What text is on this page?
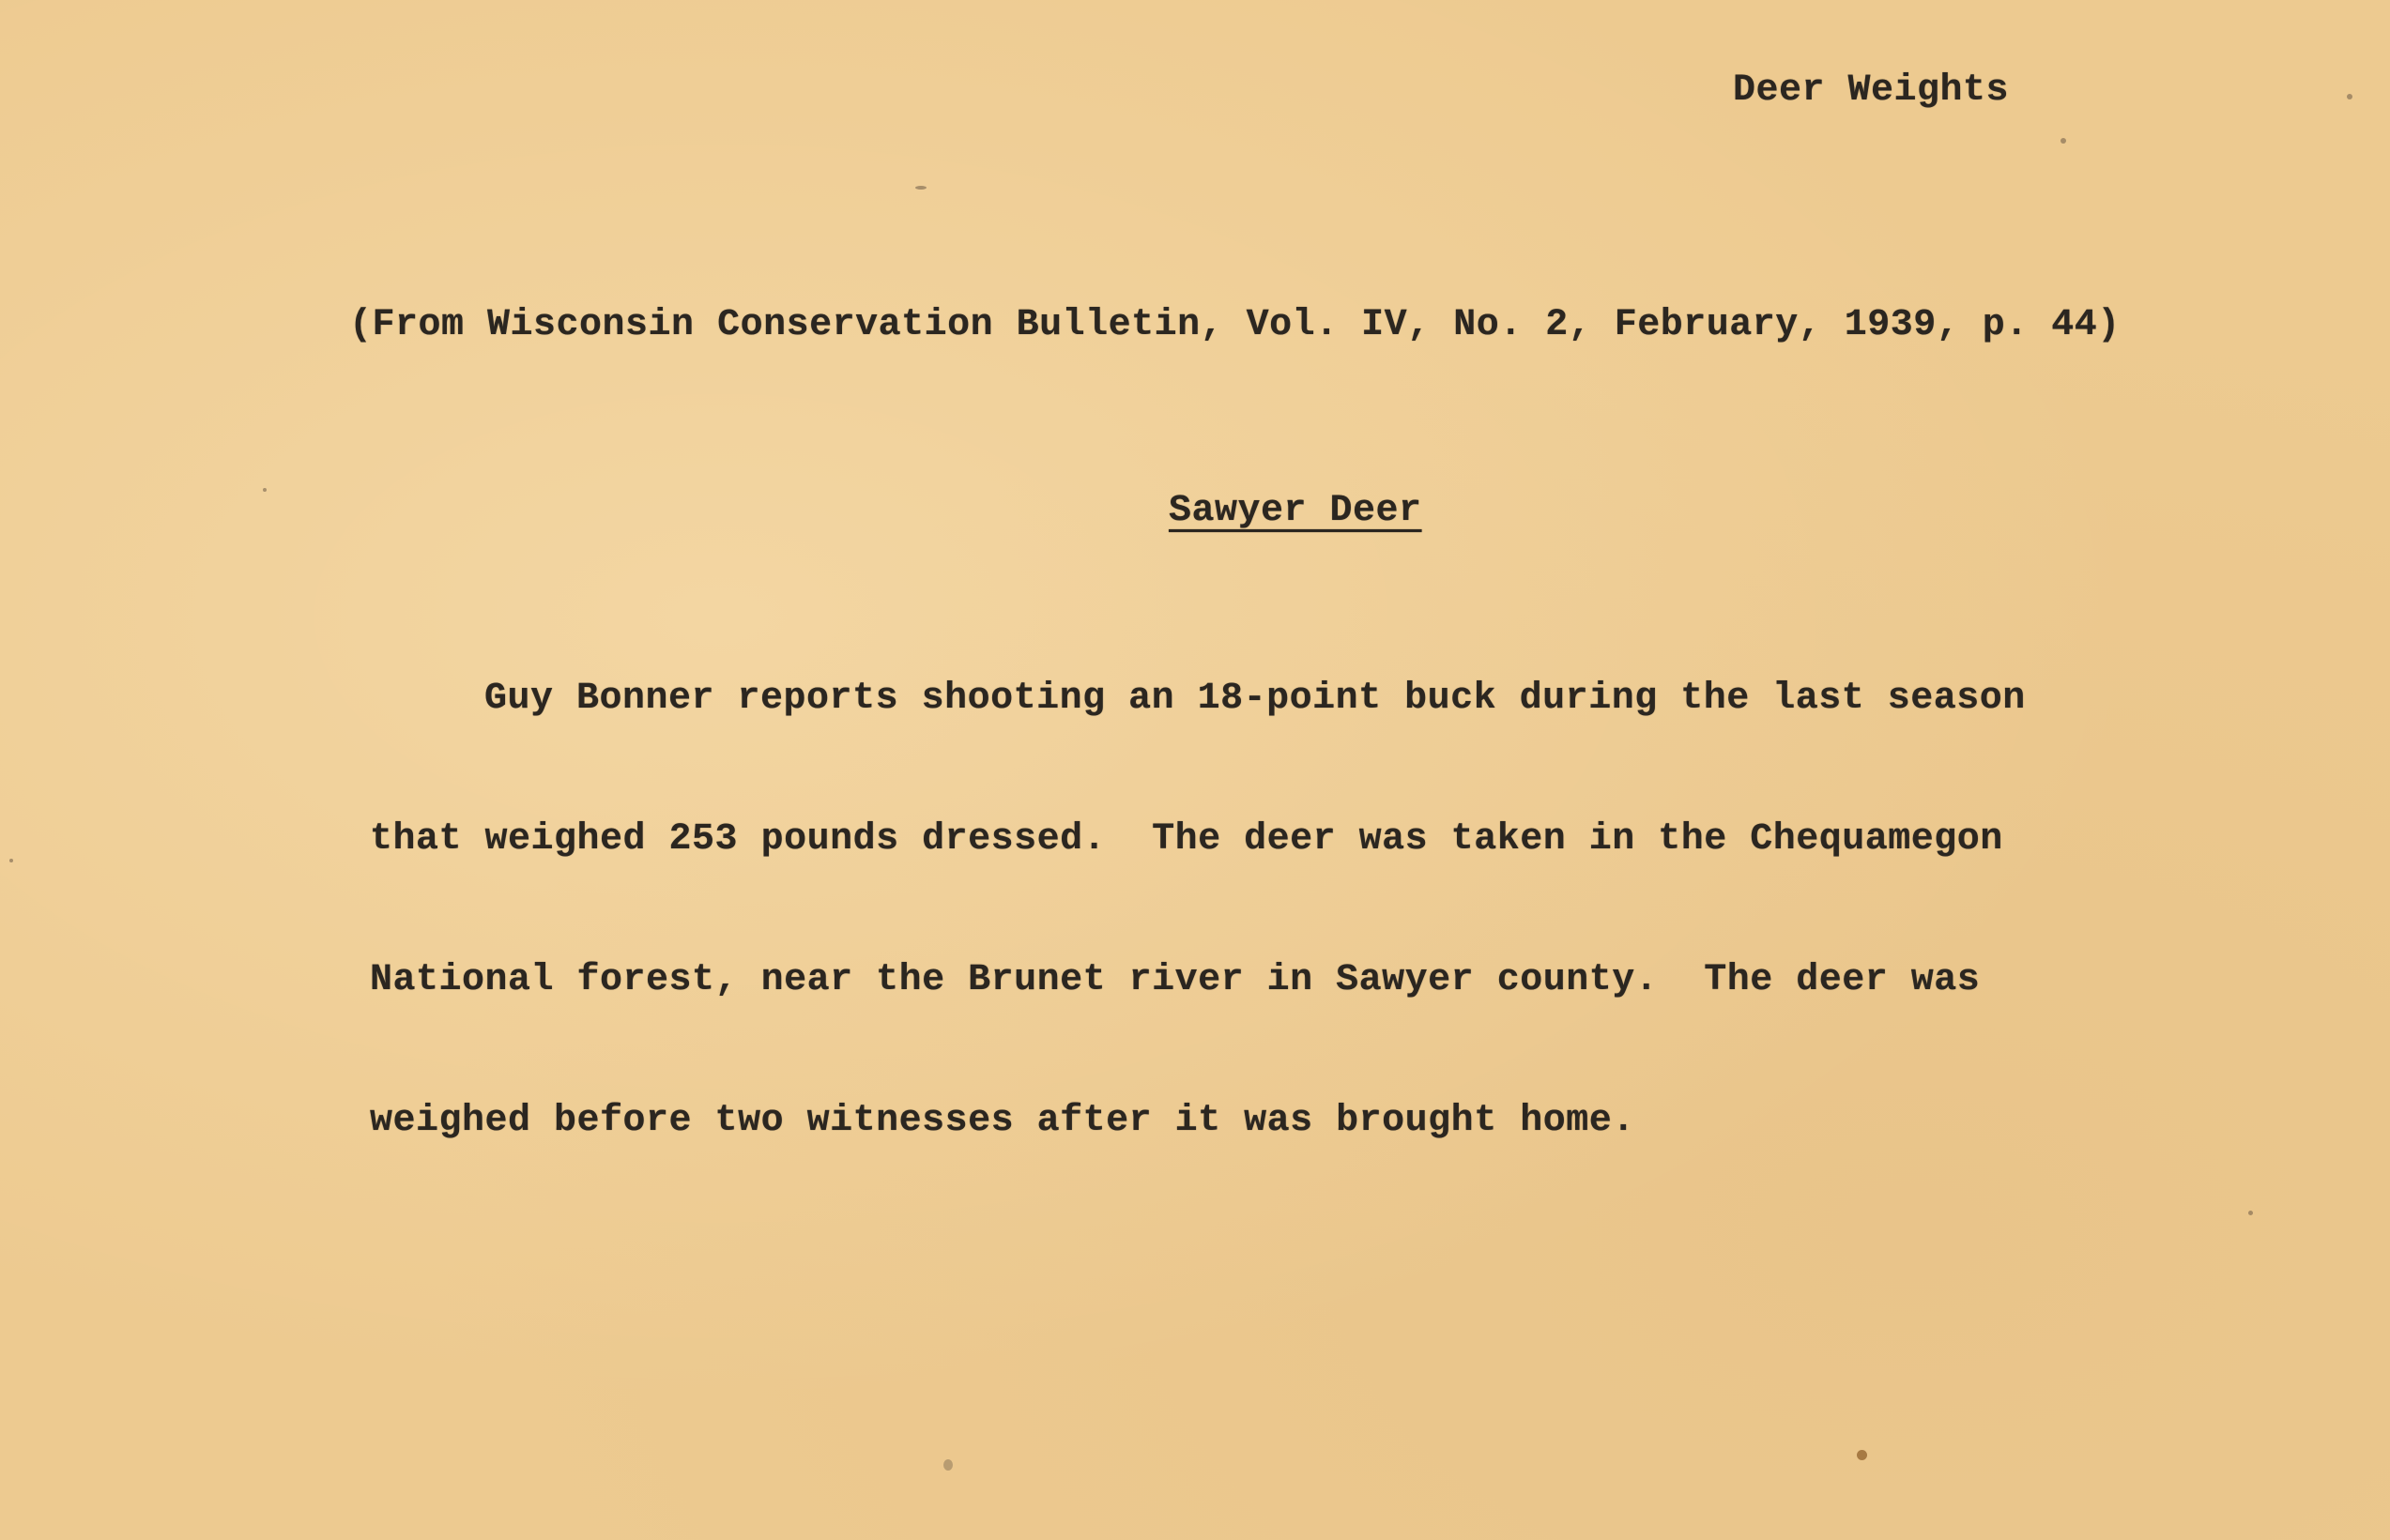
Deer Weights
(From Wisconsin Conservation Bulletin, Vol. IV, No. 2, February, 1939, p. 44)
Sawyer Deer

Guy Bonner reports shooting an 18-point buck during the last season

that weighed 253 pounds dressed.  The deer was taken in the Chequamegon

National forest, near the Brunet river in Sawyer county.  The deer was

weighed before two witnesses after it was brought home.
